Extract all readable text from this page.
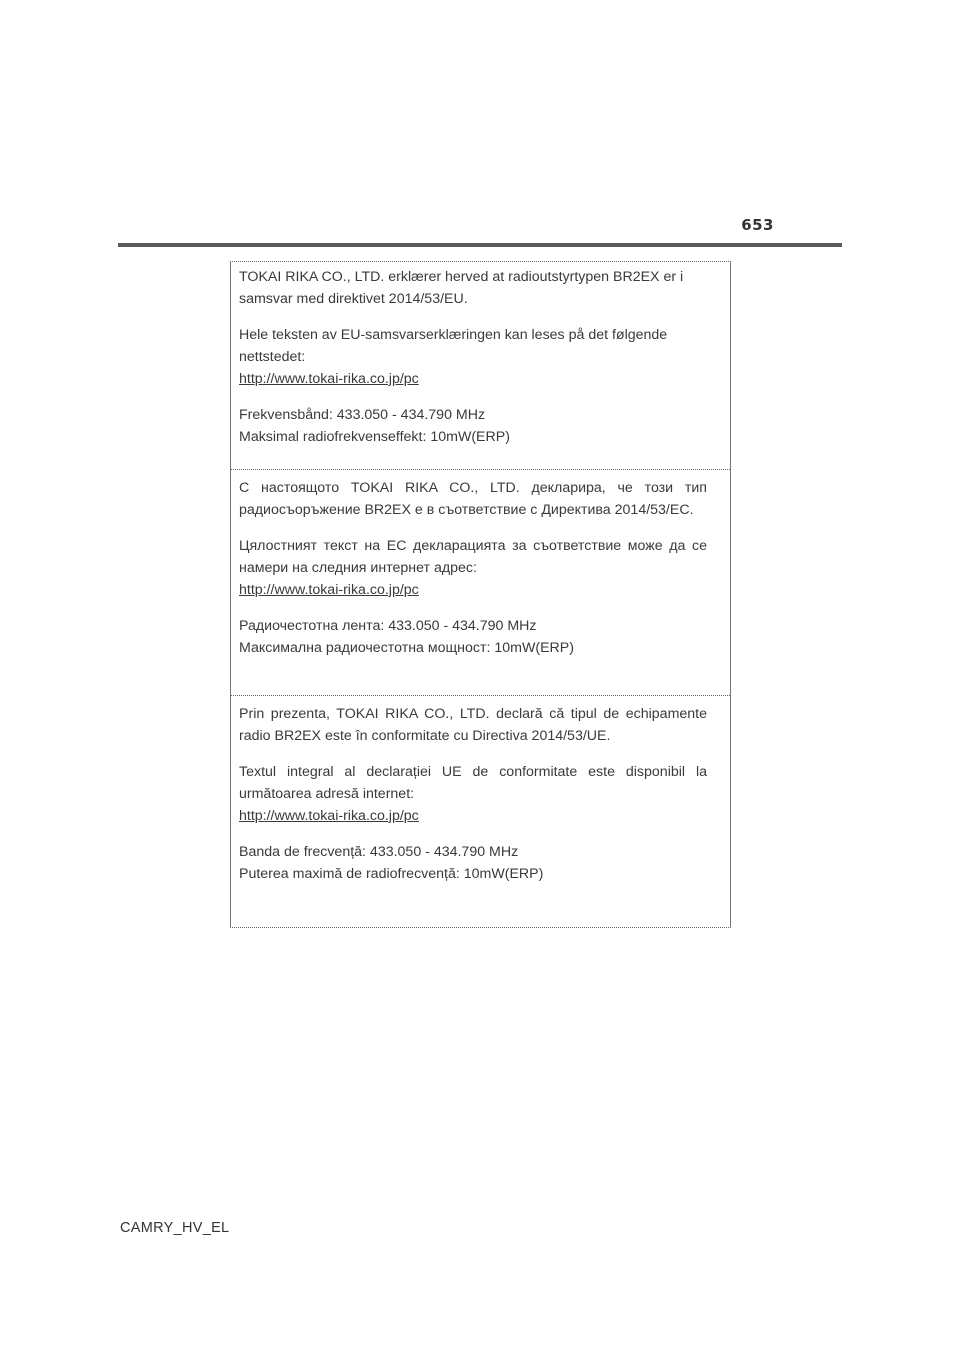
653

TOKAI RIKA CO., LTD. erklærer herved at radioutstyrtypen BR2EX er i samsvar med direktivet 2014/53/EU.

Hele teksten av EU-samsvarserklæringen kan leses på det følgende nettstedet:

http://www.tokai-rika.co.jp/pc

Frekvensbånd: 433.050 - 434.790 MHz

Maksimal radiofrekvenseffekt: 10mW(ERP)

С настоящото TOKAI RIKA CO., LTD. декларира, че този тип радиосъоръжение BR2EX е в съответствие с Директива 2014/53/ЕС.

Цялостният текст на ЕС декларацията за съответствие може да се намери на следния интернет адрес:

http://www.tokai-rika.co.jp/pc

Радиочестотна лента: 433.050 - 434.790 MHz

Максимална радиочестотна мощност: 10mW(ERP)

Prin prezenta, TOKAI RIKA CO., LTD. declară că tipul de echipamente radio BR2EX este în conformitate cu Directiva 2014/53/UE.

Textul integral al declarației UE de conformitate este disponibil la următoarea adresă internet:

http://www.tokai-rika.co.jp/pc

Banda de frecvență: 433.050 - 434.790 MHz

Puterea maximă de radiofrecvență: 10mW(ERP)

CAMRY_HV_EL
